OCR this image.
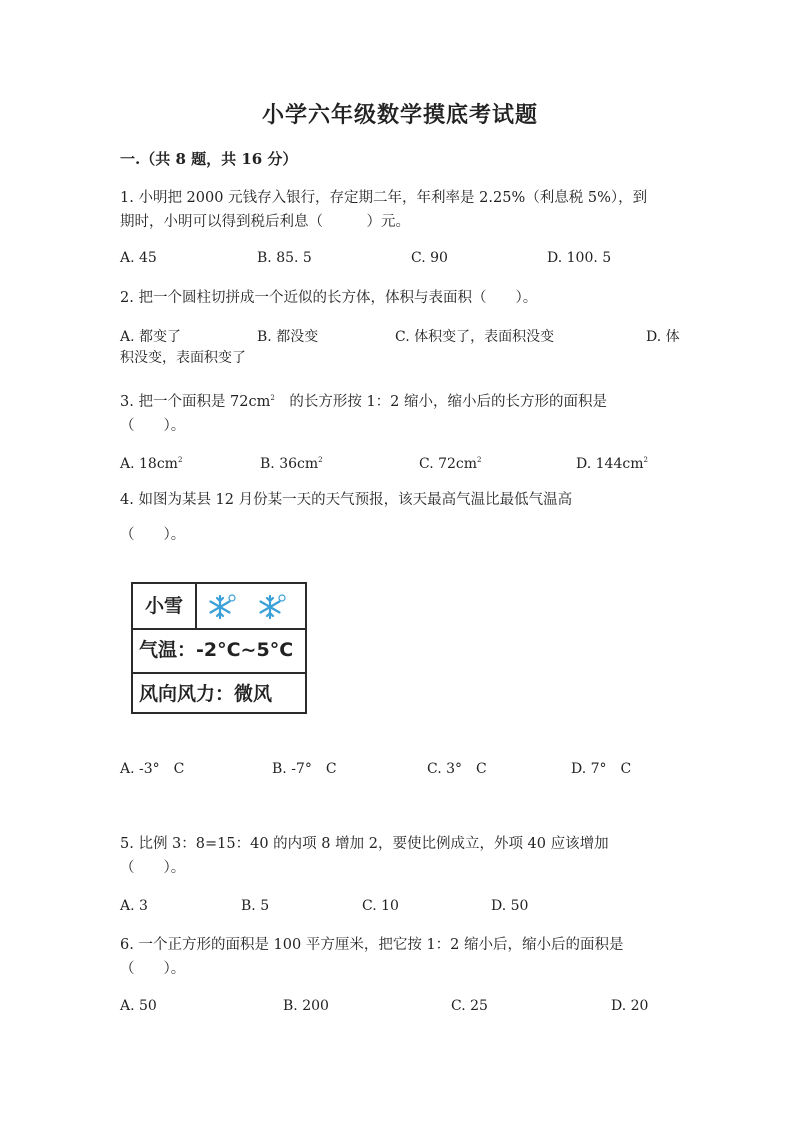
小学六年级数学摸底考试题
一.（共 8 题，共 16 分）
1. 小明把 2000 元钱存入银行，存定期二年，年利率是 2.25%（利息税 5%），到
期时，小明可以得到税后利息（　　　）元。
A. 45	B. 85. 5	C. 90	D. 100. 5
2. 把一个圆柱切拼成一个近似的长方体，体积与表面积（　　）。
A. 都变了	B. 都没变	C. 体积变了，表面积没变	D. 体
积没变，表面积变了
3. 把一个面积是 $72cm^2$　的长方形按 1：2 缩小，缩小后的长方形的面积是
（　　）。
A. $18cm^2$	B. $36cm^2$	C. $72cm^2$	D. $144cm^2$
4. 如图为某县 12 月份某一天的天气预报，该天最高气温比最低气温高
（　　）。
小雪
气温：-2°C~5°C
风向风力：微风
A. -3°　C	B. -7°　C	C. 3°　C	D. 7°　C
5. 比例 3：8=15：40 的内项 8 增加 2，要使比例成立，外项 40 应该增加
（　　）。
A. 3	B. 5	C. 10	D. 50
6. 一个正方形的面积是 100 平方厘米，把它按 1：2 缩小后，缩小后的面积是
（　　）。
A. 50	B. 200	C. 25	D. 20
